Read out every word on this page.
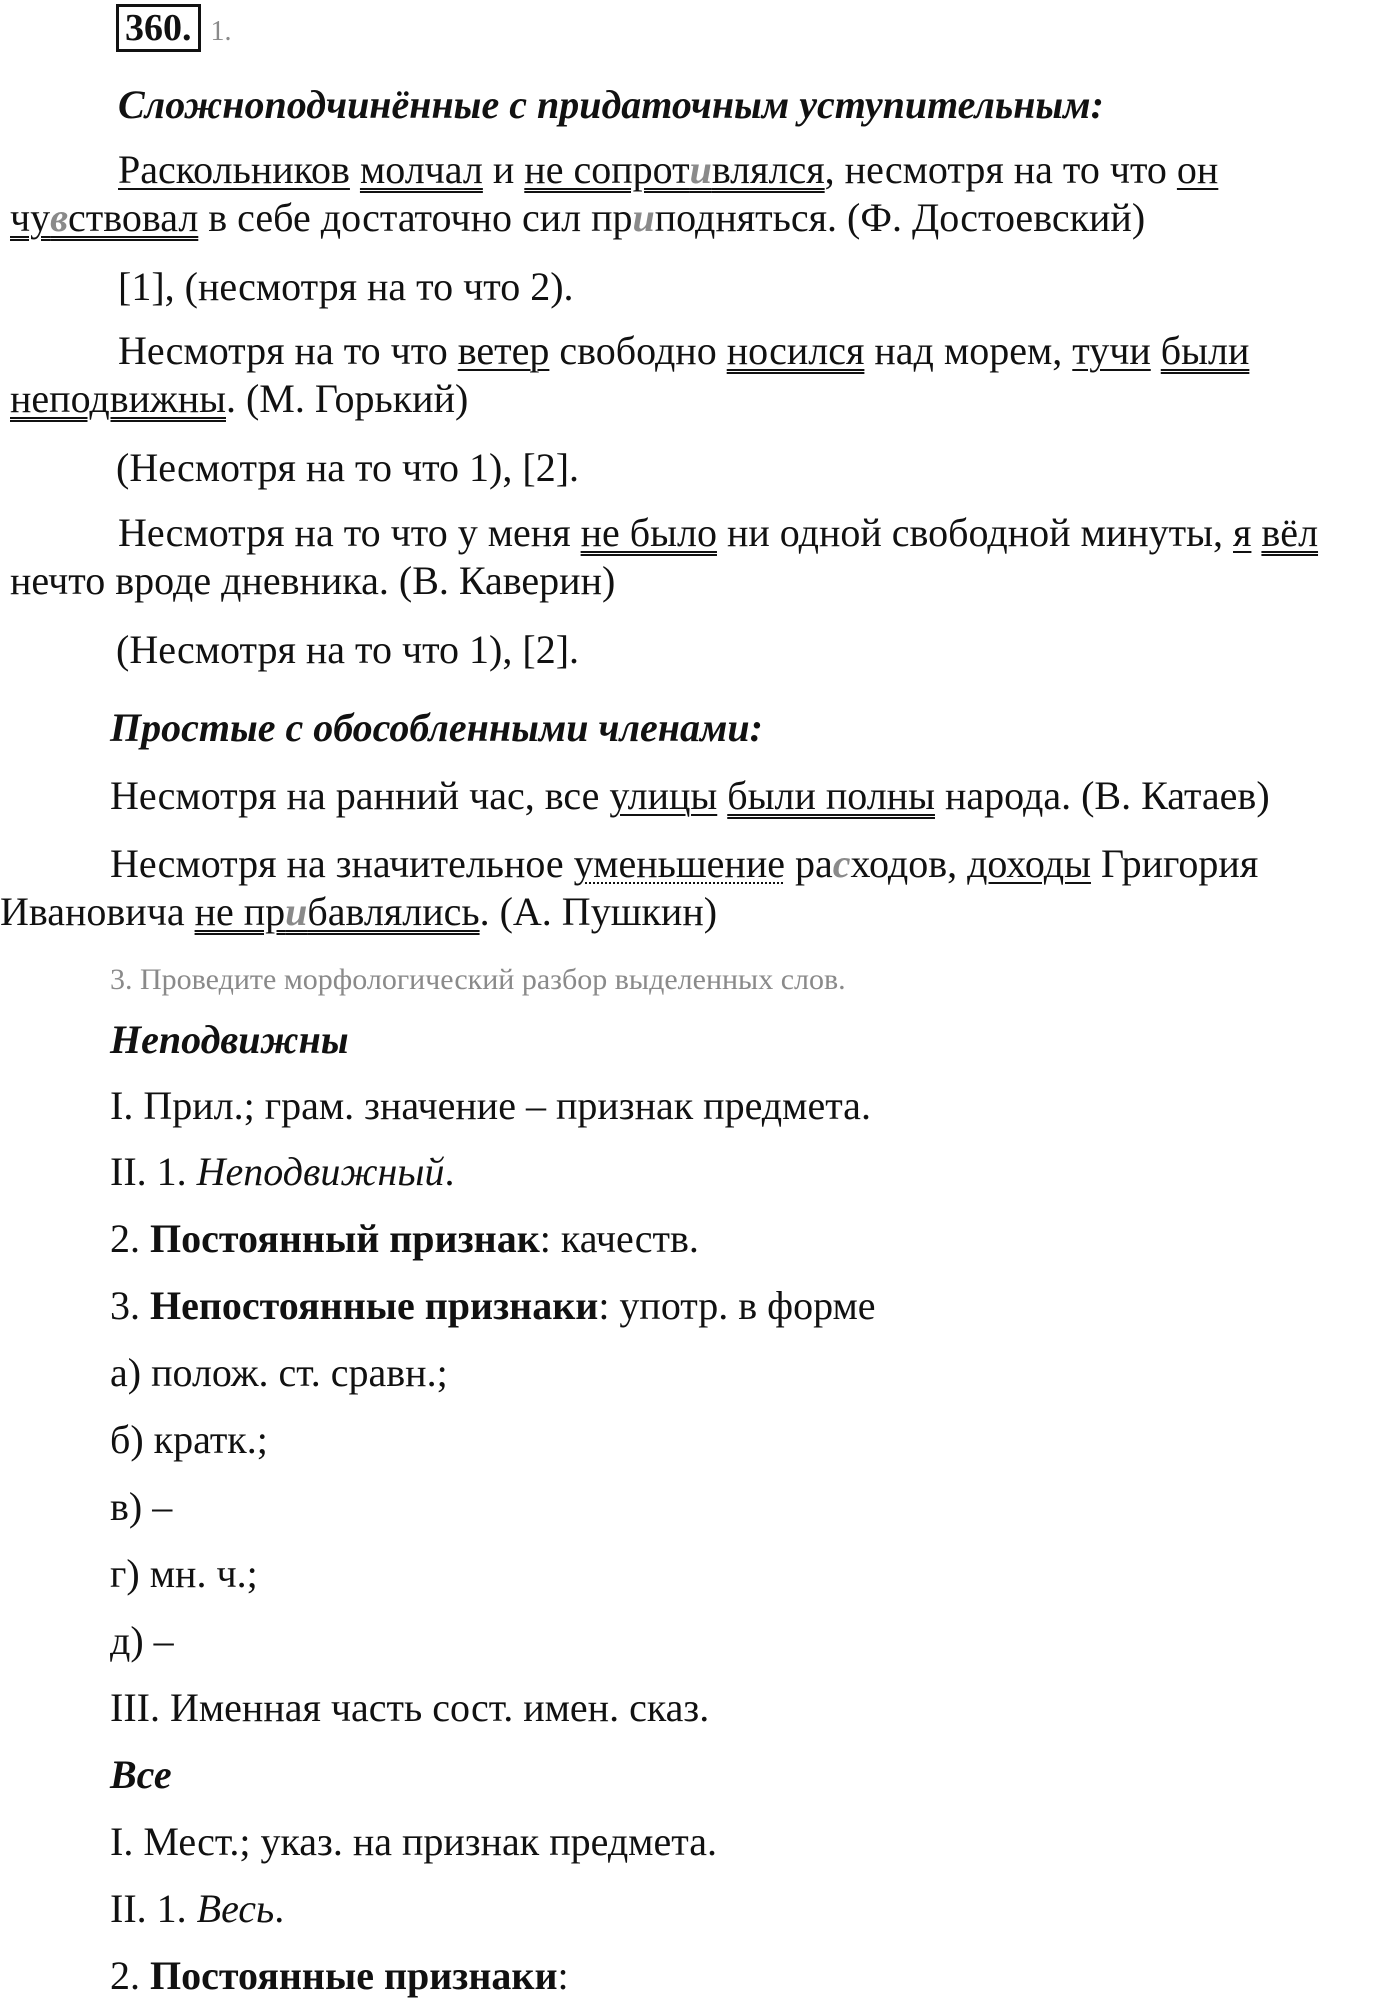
360. 1.
Сложноподчинённые с придаточным уступительным:
Раскольников молчал и не сопротивлялся, несмотря на то что он
чувствовал в себе достаточно сил приподняться. (Ф. Достоевский)
[1], (несмотря на то что 2).
Несмотря на то что ветер свободно носился над морем, тучи были
неподвижны. (М. Горький)
(Несмотря на то что 1), [2].
Несмотря на то что у меня не было ни одной свободной минуты, я вёл
нечто вроде дневника. (В. Каверин)
(Несмотря на то что 1), [2].
Простые с обособленными членами:
Несмотря на ранний час, все улицы были полны народа. (В. Катаев)
Несмотря на значительное уменьшение расходов, доходы Григория
Ивановича не прибавлялись. (А. Пушкин)
3. Проведите морфологический разбор выделенных слов.
Неподвижны
I. Прил.; грам. значение – признак предмета.
II. 1. Неподвижный.
2. Постоянный признак: качеств.
3. Непостоянные признаки: употр. в форме
а) полож. ст. сравн.;
б) кратк.;
в) –
г) мн. ч.;
д) –
III. Именная часть сост. имен. сказ.
Все
I. Мест.; указ. на признак предмета.
II. 1. Весь.
2. Постоянные признаки:
